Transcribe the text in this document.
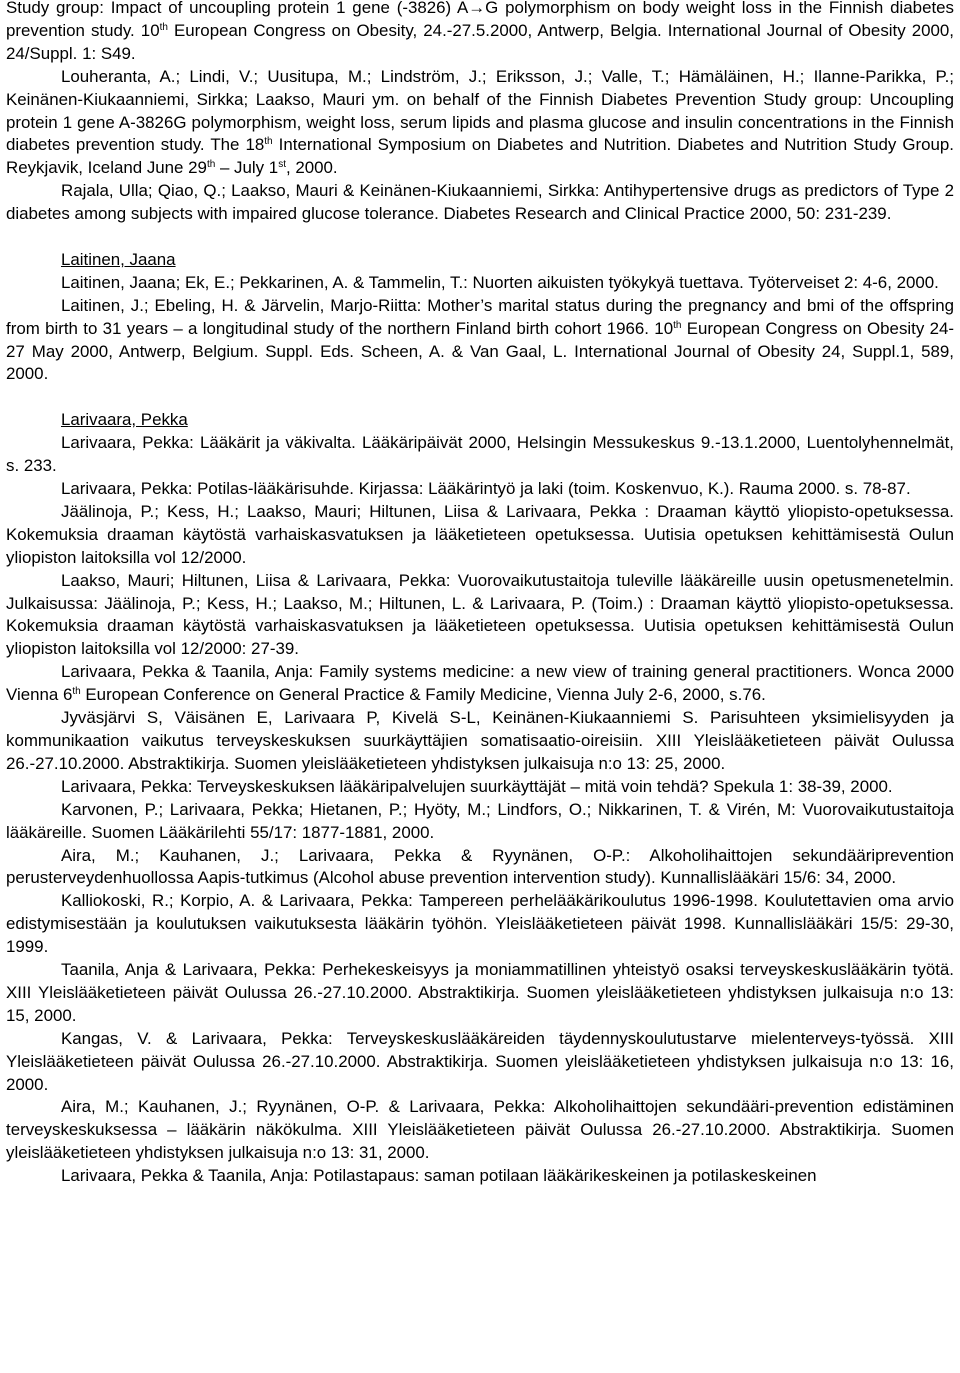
Study group: Impact of uncoupling protein 1 gene (-3826) A→G polymorphism on body weight loss in the Finnish diabetes prevention study. 10th European Congress on Obesity, 24.-27.5.2000, Antwerp, Belgia. International Journal of Obesity 2000, 24/Suppl. 1: S49.
Louheranta, A.; Lindi, V.; Uusitupa, M.; Lindström, J.; Eriksson, J.; Valle, T.; Hämäläinen, H.; Ilanne-Parikka, P.; Keinänen-Kiukaanniemi, Sirkka; Laakso, Mauri ym. on behalf of the Finnish Diabetes Prevention Study group: Uncoupling protein 1 gene A-3826G polymorphism, weight loss, serum lipids and plasma glucose and insulin concentrations in the Finnish diabetes prevention study. The 18th International Symposium on Diabetes and Nutrition. Diabetes and Nutrition Study Group. Reykjavik, Iceland June 29th – July 1st, 2000.
Rajala, Ulla; Qiao, Q.; Laakso, Mauri & Keinänen-Kiukaanniemi, Sirkka: Antihypertensive drugs as predictors of Type 2 diabetes among subjects with impaired glucose tolerance. Diabetes Research and Clinical Practice 2000, 50: 231-239.
Laitinen, Jaana
Laitinen, Jaana; Ek, E.; Pekkarinen, A. & Tammelin, T.: Nuorten aikuisten työkykyä tuettava. Työterveiset 2: 4-6, 2000.
Laitinen, J.; Ebeling, H. & Järvelin, Marjo-Riitta: Mother’s marital status during the pregnancy and bmi of the offspring from birth to 31 years – a longitudinal study of the northern Finland birth cohort 1966. 10th European Congress on Obesity 24-27 May 2000, Antwerp, Belgium. Suppl. Eds. Scheen, A. & Van Gaal, L. International Journal of Obesity 24, Suppl.1, 589, 2000.
Larivaara, Pekka
Larivaara, Pekka: Lääkärit ja väkivalta. Lääkäripäivät 2000, Helsingin Messukeskus 9.-13.1.2000, Luentolyhennelmät, s. 233.
Larivaara, Pekka: Potilas-lääkärisuhde. Kirjassa: Lääkärintyö ja laki (toim. Koskenvuo, K.). Rauma 2000. s. 78-87.
Jäälinoja, P.; Kess, H.; Laakso, Mauri; Hiltunen, Liisa & Larivaara, Pekka : Draaman käyttö yliopisto-opetuksessa. Kokemuksia draaman käytöstä varhaiskasvatuksen ja lääketieteen opetuksessa. Uutisia opetuksen kehittämisestä Oulun yliopiston laitoksilla vol 12/2000.
Laakso, Mauri; Hiltunen, Liisa & Larivaara, Pekka: Vuorovaikutustaitoja tuleville lääkäreille uusin opetusmenetelmin. Julkaisussa: Jäälinoja, P.; Kess, H.; Laakso, M.; Hiltunen, L. & Larivaara, P. (Toim.) : Draaman käyttö yliopisto-opetuksessa. Kokemuksia draaman käytöstä varhaiskasvatuksen ja lääketieteen opetuksessa. Uutisia opetuksen kehittämisestä Oulun yliopiston laitoksilla vol 12/2000: 27-39.
Larivaara, Pekka & Taanila, Anja: Family systems medicine: a new view of training general practitioners. Wonca 2000 Vienna 6th European Conference on General Practice & Family Medicine, Vienna July 2-6, 2000, s.76.
Jyväsjärvi S, Väisänen E, Larivaara P, Kivelä S-L, Keinänen-Kiukaanniemi S. Parisuhteen yksimielisyyden ja kommunikaation vaikutus terveyskeskuksen suurkäyttäjien somatisaatio-oireisiin. XIII Yleislääketieteen päivät Oulussa 26.-27.10.2000. Abstraktikirja. Suomen yleislääketieteen yhdistyksen julkaisuja n:o 13: 25, 2000.
Larivaara, Pekka: Terveyskeskuksen lääkäripalvelujen suurkäyttäjät – mitä voin tehdä? Spekula 1: 38-39, 2000.
Karvonen, P.; Larivaara, Pekka; Hietanen, P.; Hyöty, M.; Lindfors, O.; Nikkarinen, T. & Virén, M: Vuorovaikutustaitoja lääkäreille. Suomen Lääkärilehti 55/17: 1877-1881, 2000.
Aira, M.; Kauhanen, J.; Larivaara, Pekka & Ryynänen, O-P.: Alkoholihaittojen sekundääriprevention perusterveydenhuollossa Aapis-tutkimus (Alcohol abuse prevention intervention study). Kunnallislääkäri 15/6: 34, 2000.
Kalliokoski, R.; Korpio, A. & Larivaara, Pekka: Tampereen perhelääkärikoulutus 1996-1998. Koulutettavien oma arvio edistymisestään ja koulutuksen vaikutuksesta lääkärin työhön. Yleislääketieteen päivät 1998. Kunnallislääkäri 15/5: 29-30, 1999.
Taanila, Anja & Larivaara, Pekka: Perhekeskeisyys ja moniammatillinen yhteistyö osaksi terveyskeskuslääkärin työtä. XIII Yleislääketieteen päivät Oulussa 26.-27.10.2000. Abstraktikirja. Suomen yleislääketieteen yhdistyksen julkaisuja n:o 13: 15, 2000.
Kangas, V. & Larivaara, Pekka: Terveyskeskuslääkäreiden täydennyskoulutustarve mielenterveys-työssä. XIII Yleislääketieteen päivät Oulussa 26.-27.10.2000. Abstraktikirja. Suomen yleislääketieteen yhdistyksen julkaisuja n:o 13: 16, 2000.
Aira, M.; Kauhanen, J.; Ryynänen, O-P. & Larivaara, Pekka: Alkoholihaittojen sekundääri-prevention edistäminen terveyskeskuksessa – lääkärin näkökulma. XIII Yleislääketieteen päivät Oulussa 26.-27.10.2000. Abstraktikirja. Suomen yleislääketieteen yhdistyksen julkaisuja n:o 13: 31, 2000.
Larivaara, Pekka & Taanila, Anja: Potilastapaus: saman potilaan lääkärikeskeinen ja potilaskeskeinen
